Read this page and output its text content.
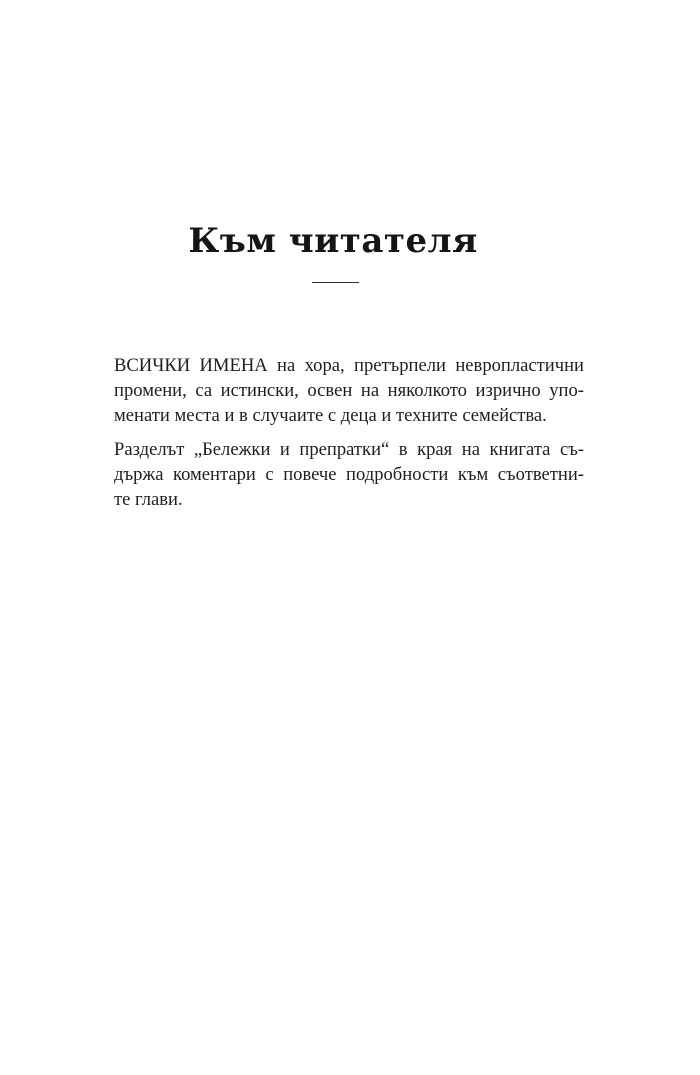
Към читателя

ВСИЧКИ ИМЕНА на хора, претърпели невропластични
промени, са истински, освен на няколкото изрично упо-
менати места и в случаите с деца и техните семейства.

Разделът „Бележки и препратки“ в края на книгата съ-
държа коментари с повече подробности към съответни-
те глави.
